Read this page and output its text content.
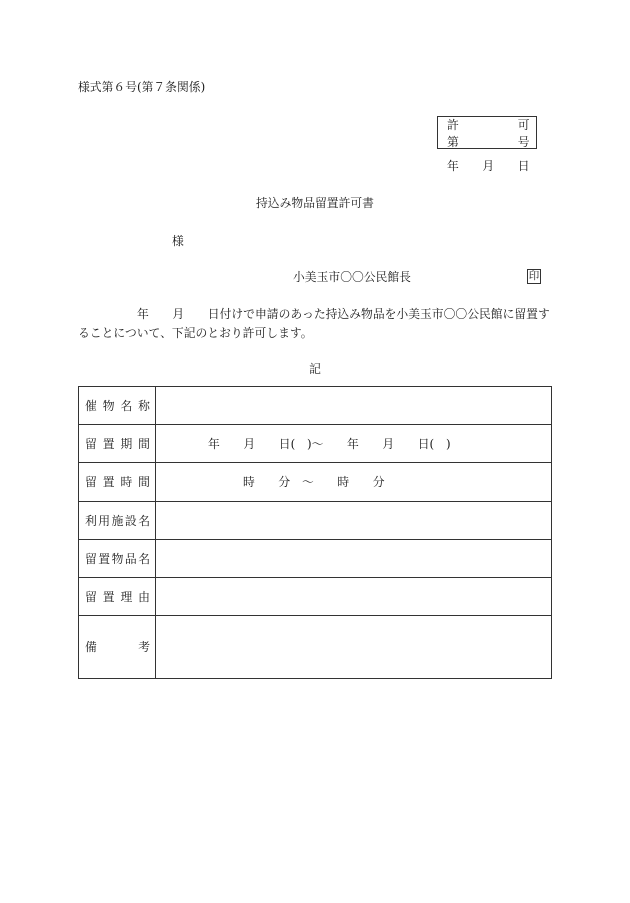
様式第６号(第７条関係)
許　　　　　可
第　　　　　号
年　　月　　日
持込み物品留置許可書
様
小美玉市〇〇公民館長	印
年　　月　　日付けで申請のあった持込み物品を小美玉市〇〇公民館に留置す
ることについて、下記のとおり許可します。
記
催 物 名 称
留 置 期 間	年　　月　　日(　)～　　年　　月　　日(　)
留 置 時 間	時　　分　～　　時　　分
利 用 施 設 名
留 置 物 品 名
留 置 理 由
備	考
